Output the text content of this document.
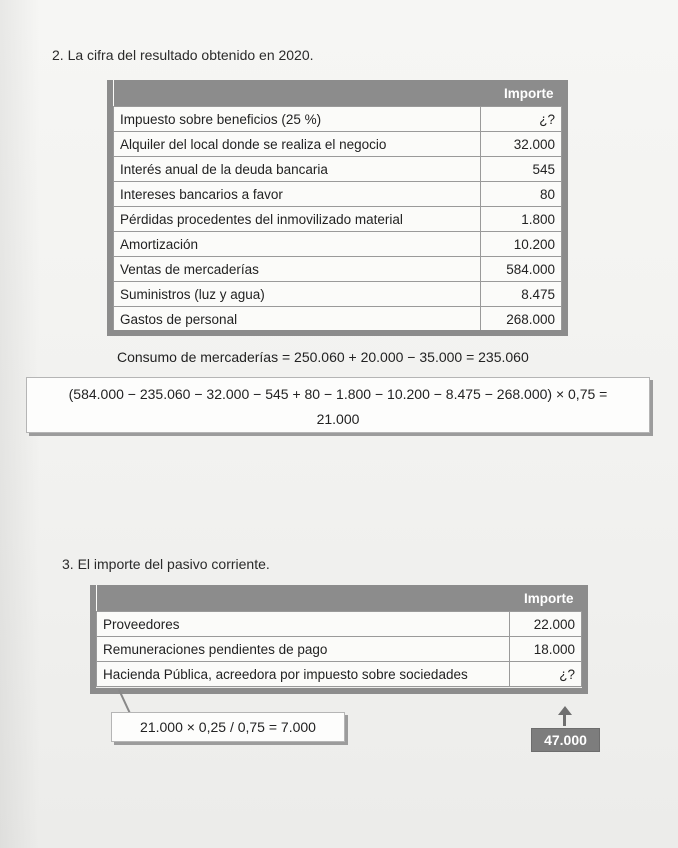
2. La cifra del resultado obtenido en 2020.
	Importe
Impuesto sobre beneficios (25 %)	¿?
Alquiler del local donde se realiza el negocio	32.000
Interés anual de la deuda bancaria	545
Intereses bancarios a favor	80
Pérdidas procedentes del inmovilizado material	1.800
Amortización	10.200
Ventas de mercaderías	584.000
Suministros (luz y agua)	8.475
Gastos de personal	268.000
Consumo de mercaderías = 250.060 + 20.000 − 35.000 = 235.060
(584.000 − 235.060 − 32.000 − 545 + 80 − 1.800 − 10.200 − 8.475 − 268.000) × 0,75 =
21.000
3. El importe del pasivo corriente.
	Importe
Proveedores	22.000
Remuneraciones pendientes de pago	18.000
Hacienda Pública, acreedora por impuesto sobre sociedades	¿?
21.000 × 0,25 / 0,75 = 7.000
47.000
